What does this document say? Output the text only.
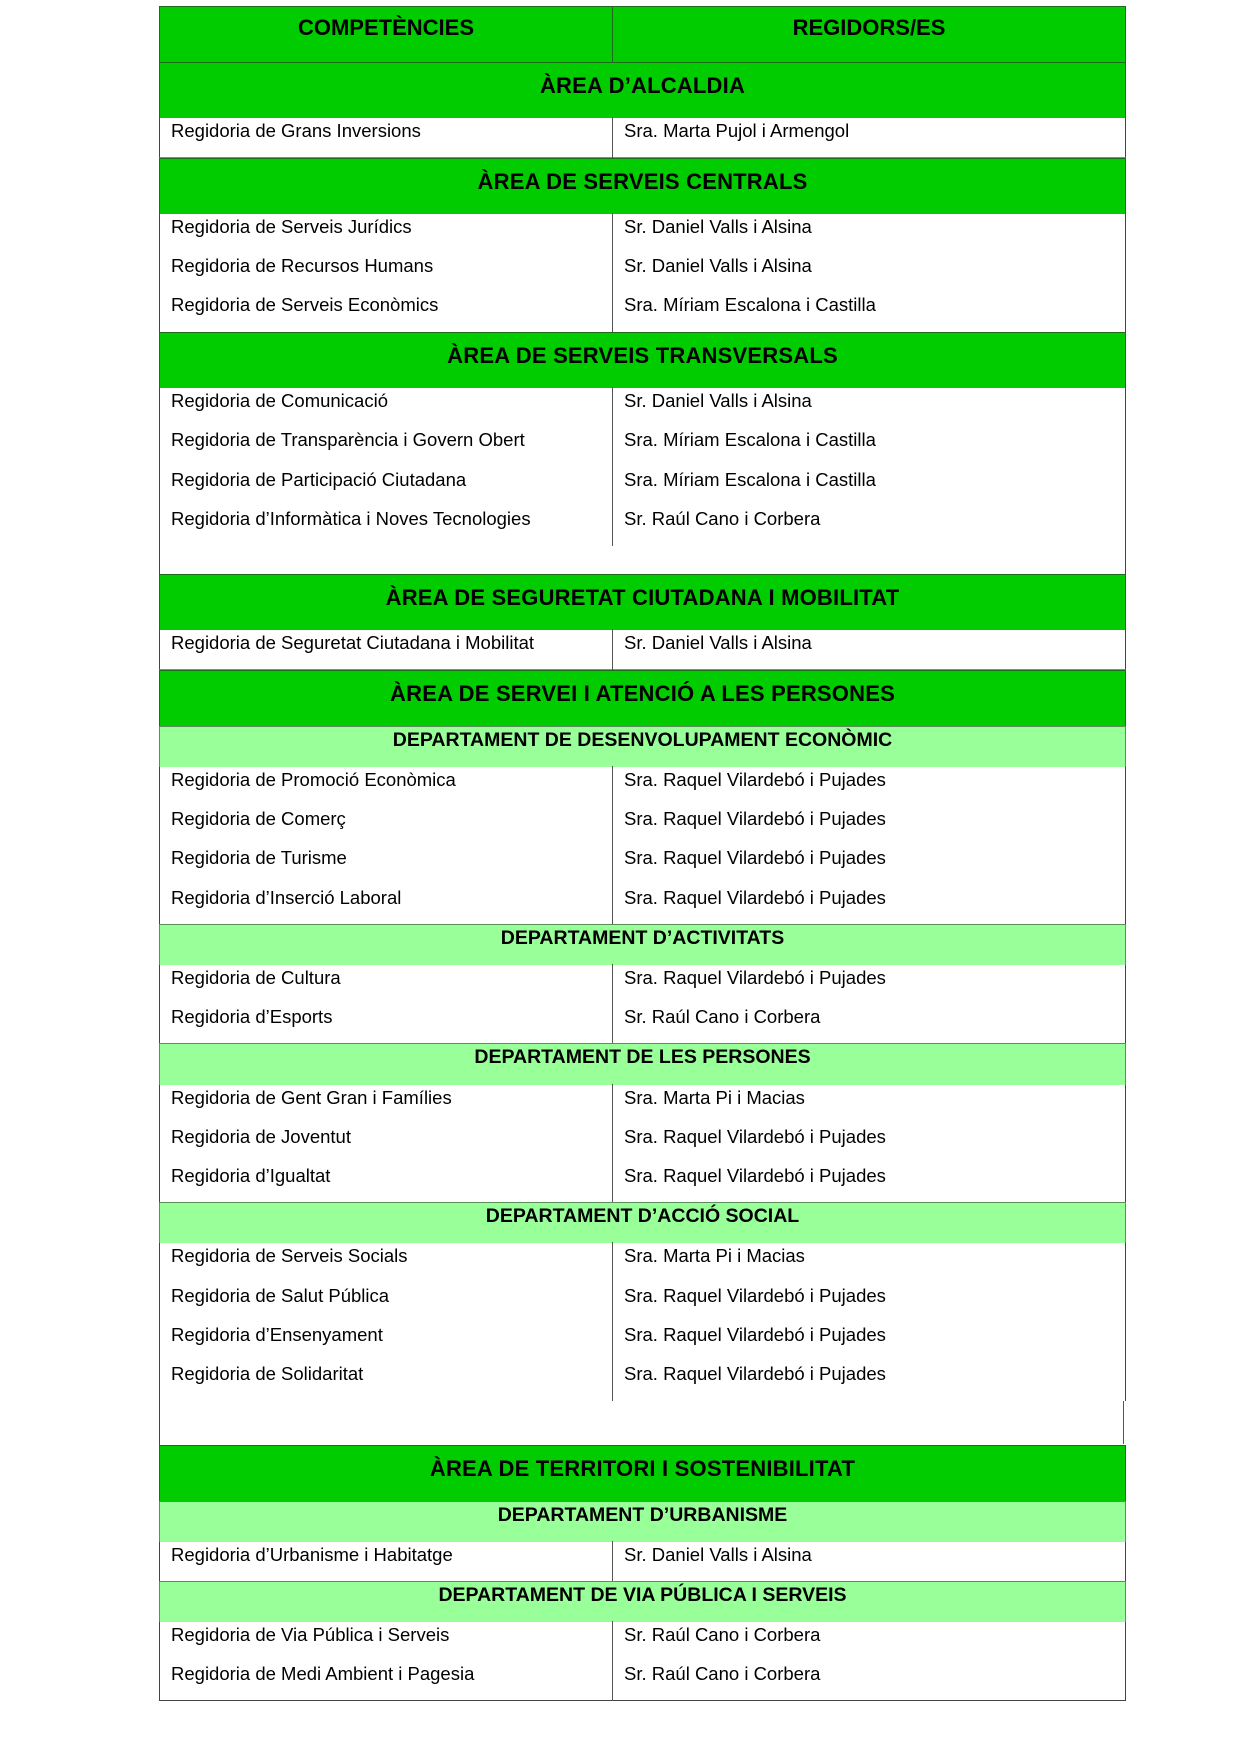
COMPETÈNCIES	REGIDORS/ES
ÀREA D’ALCALDIA
Regidoria de Grans Inversions	Sra. Marta Pujol i Armengol
ÀREA DE SERVEIS CENTRALS
Regidoria de Serveis Jurídics	Sr. Daniel Valls i Alsina
Regidoria de Recursos Humans	Sr. Daniel Valls i Alsina
Regidoria de Serveis Econòmics	Sra. Míriam Escalona i Castilla
ÀREA DE SERVEIS TRANSVERSALS
Regidoria de Comunicació	Sr. Daniel Valls i Alsina
Regidoria de Transparència i Govern Obert	Sra. Míriam Escalona i Castilla
Regidoria de Participació Ciutadana	Sra. Míriam Escalona i Castilla
Regidoria d’Informàtica i Noves Tecnologies	Sr. Raúl Cano i Corbera
ÀREA DE SEGURETAT CIUTADANA I MOBILITAT
Regidoria de Seguretat Ciutadana i Mobilitat	Sr. Daniel Valls i Alsina
ÀREA DE SERVEI I ATENCIÓ A LES PERSONES
DEPARTAMENT DE DESENVOLUPAMENT ECONÒMIC
Regidoria de Promoció Econòmica	Sra. Raquel Vilardebó i Pujades
Regidoria de Comerç	Sra. Raquel Vilardebó i Pujades
Regidoria de Turisme	Sra. Raquel Vilardebó i Pujades
Regidoria d’Inserció Laboral	Sra. Raquel Vilardebó i Pujades
DEPARTAMENT D’ACTIVITATS
Regidoria de Cultura	Sra. Raquel Vilardebó i Pujades
Regidoria d’Esports	Sr. Raúl Cano i Corbera
DEPARTAMENT DE LES PERSONES
Regidoria de Gent Gran i Famílies	Sra. Marta Pi i Macias
Regidoria de Joventut	Sra. Raquel Vilardebó i Pujades
Regidoria d’Igualtat	Sra. Raquel Vilardebó i Pujades
DEPARTAMENT D’ACCIÓ SOCIAL
Regidoria de Serveis Socials	Sra. Marta Pi i Macias
Regidoria de Salut Pública	Sra. Raquel Vilardebó i Pujades
Regidoria d’Ensenyament	Sra. Raquel Vilardebó i Pujades
Regidoria de Solidaritat	Sra. Raquel Vilardebó i Pujades
ÀREA DE TERRITORI I SOSTENIBILITAT
DEPARTAMENT D’URBANISME
Regidoria d’Urbanisme i Habitatge	Sr. Daniel Valls i Alsina
DEPARTAMENT DE VIA PÚBLICA I SERVEIS
Regidoria de Via Pública i Serveis	Sr. Raúl Cano i Corbera
Regidoria de Medi Ambient i Pagesia	Sr. Raúl Cano i Corbera
